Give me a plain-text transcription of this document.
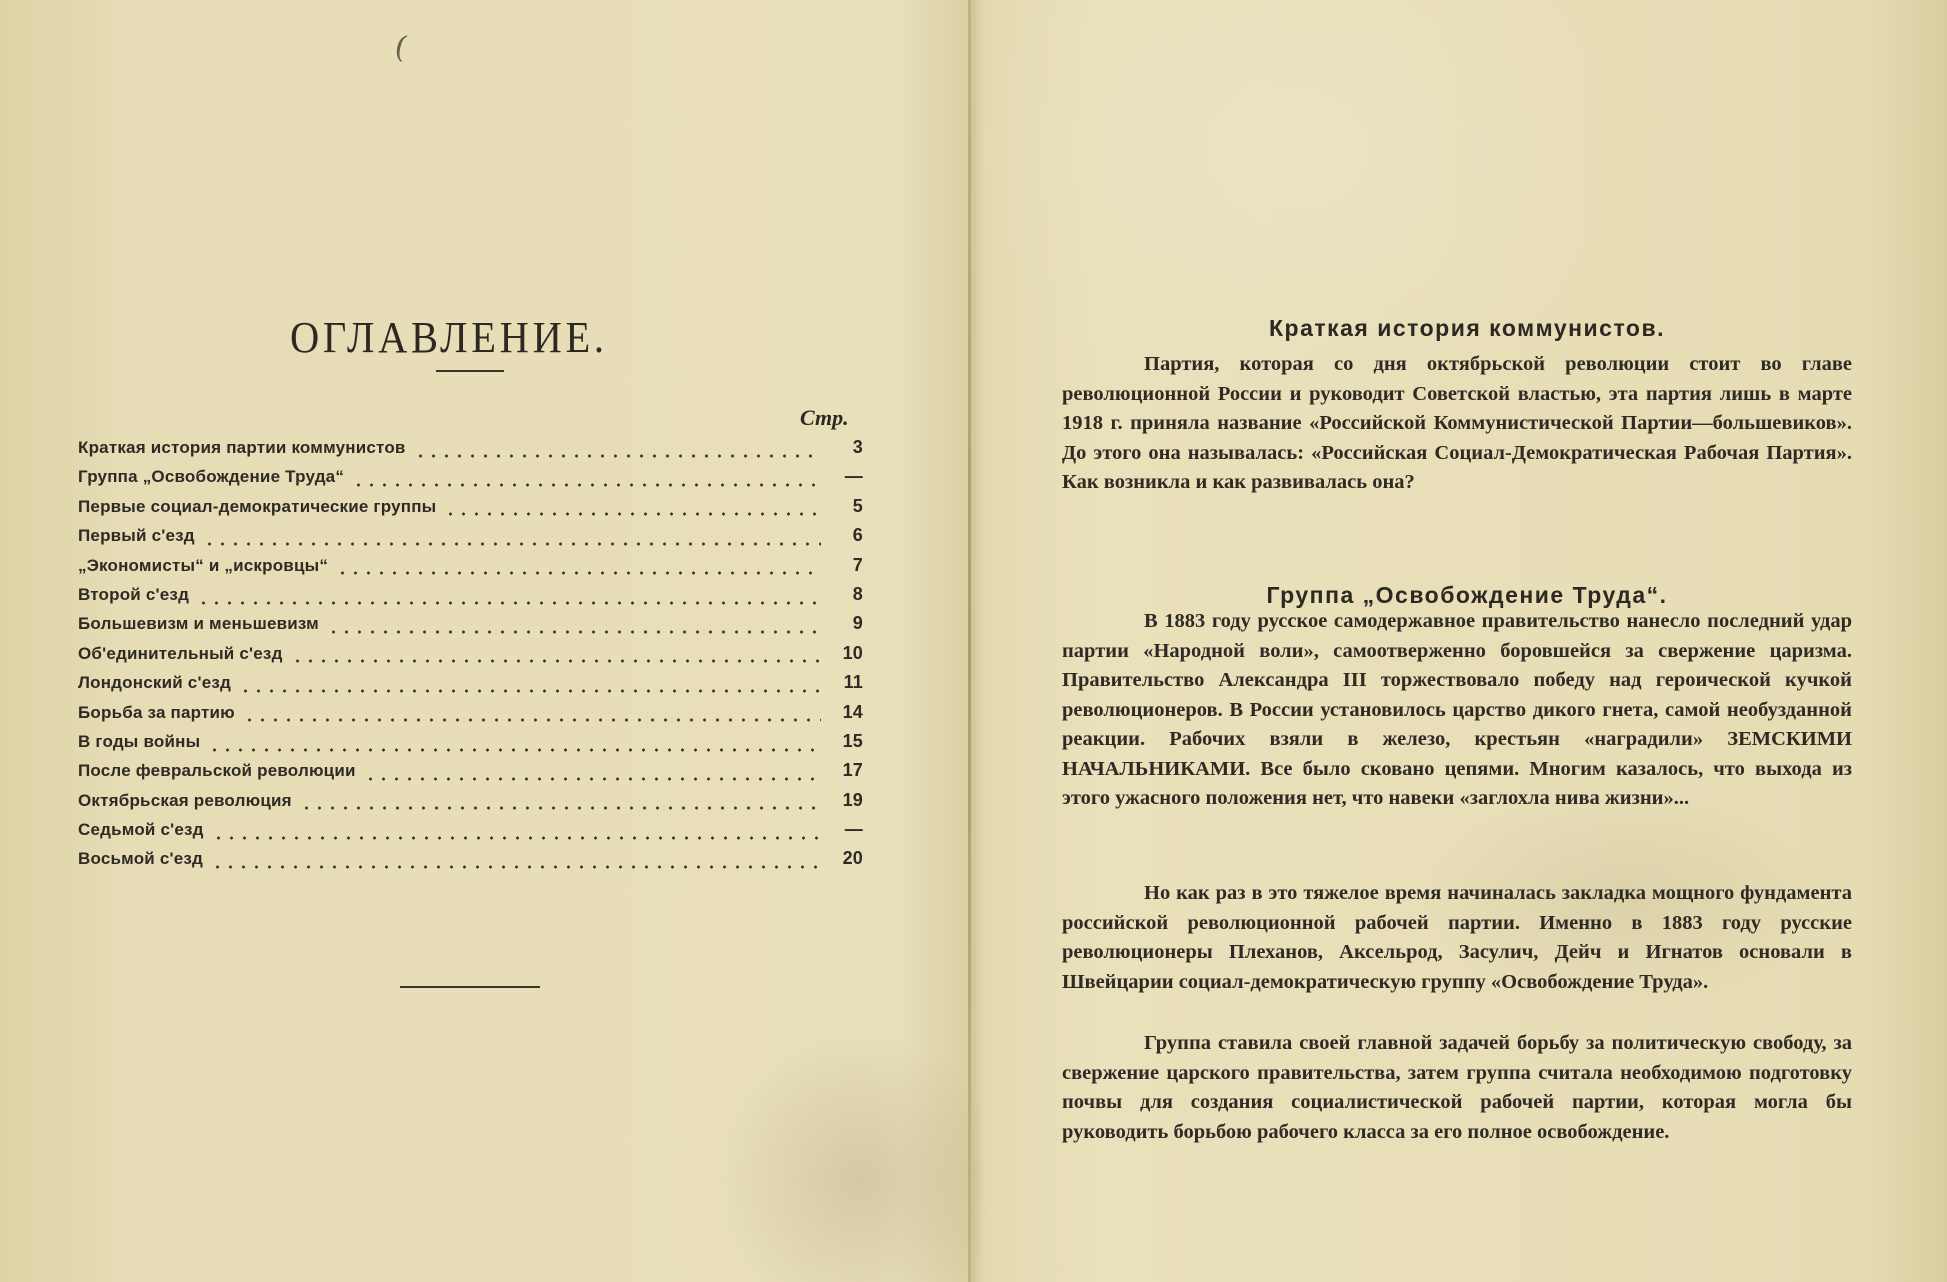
(
ОГЛАВЛЕНИЕ.
Стр.
Краткая история партии коммунистов	3
Группа „Освобождение Труда“	—
Первые социал-демократические группы	5
Первый с'езд	6
„Экономисты“ и „искровцы“	7
Второй с'езд	8
Большевизм и меньшевизм	9
Об'единительный с'езд	10
Лондонский с'езд	11
Борьба за партию	14
В годы войны	15
После февральской революции	17
Октябрьская революция	19
Седьмой с'езд	—
Восьмой с'езд	20
Краткая история коммунистов.

Партия, которая со дня октябрьской революции стоит во главе революционной России и руководит Советской властью, эта партия лишь в марте 1918 г. приняла название «Российской Коммунистической Партии—большевиков». До этого она называлась: «Российская Социал-Демократическая Рабочая Партия». Как возникла и как развивалась она?

Группа „Освобождение Труда“.

В 1883 году русское самодержавное правительство нанесло последний удар партии «Народной воли», самоотверженно боровшейся за свержение царизма. Правительство Александра III торжествовало победу над героической кучкой революционеров. В России установилось царство дикого гнета, самой необузданной реакции. Рабочих взяли в железо, крестьян «наградили» ЗЕМСКИМИ НАЧАЛЬНИКАМИ. Все было сковано цепями. Многим казалось, что выхода из этого ужасного положения нет, что навеки «заглохла нива жизни»...

Но как раз в это тяжелое время начиналась закладка мощного фундамента российской революционной рабочей партии. Именно в 1883 году русские революционеры Плеханов, Аксельрод, Засулич, Дейч и Игнатов основали в Швейцарии социал-демократическую группу «Освобождение Труда».

Группа ставила своей главной задачей борьбу за политическую свободу, за свержение царского правительства, затем группа считала необходимою подготовку почвы для создания социалистической рабочей партии, которая могла бы руководить борьбою рабочего класса за его полное освобождение.
